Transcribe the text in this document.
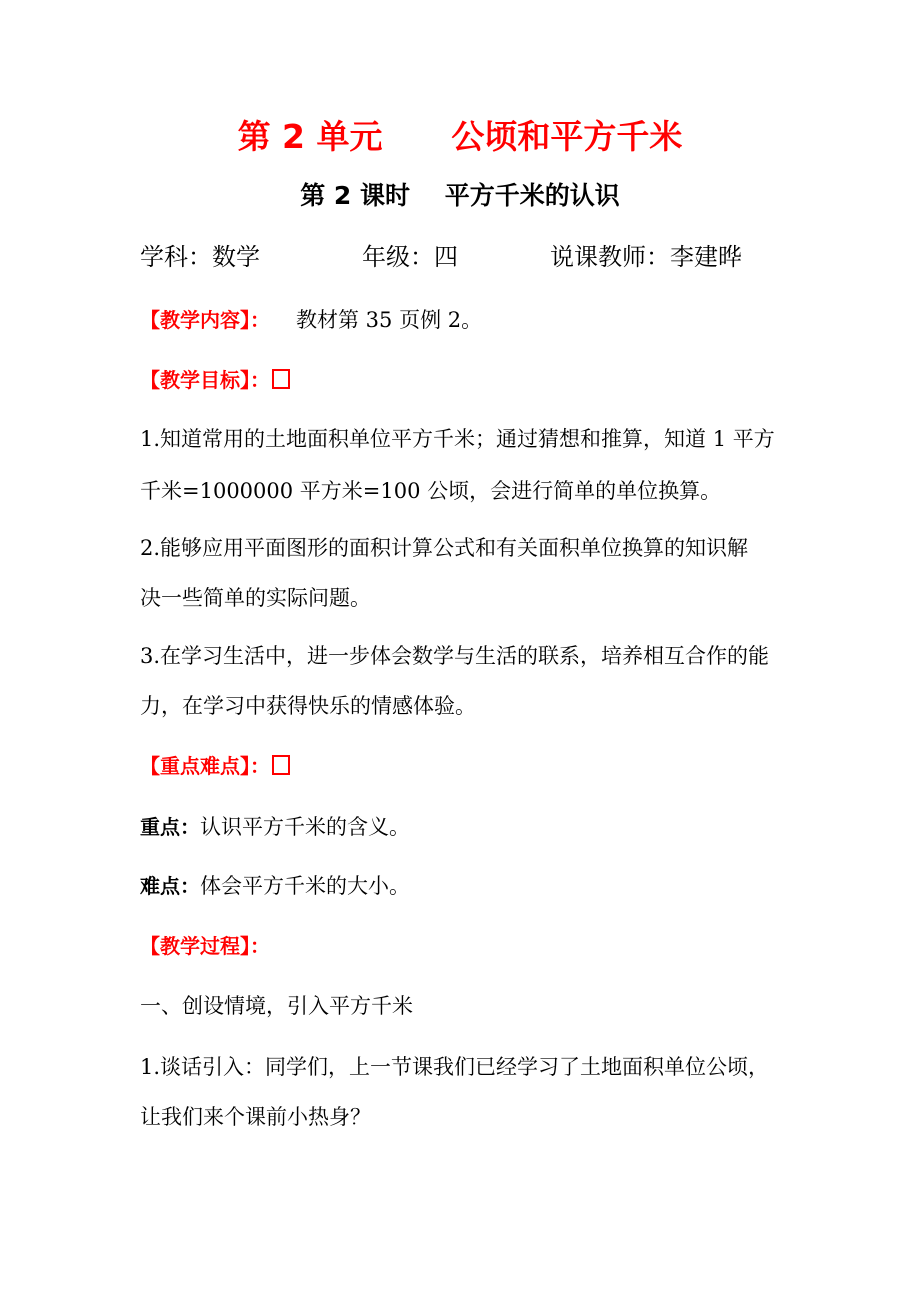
第 2 单元      公顷和平方千米
第 2 课时    平方千米的认识
学科：数学	年级：四	说课教师：李建晔
【教学内容】： 教材第 35 页例 2。
【教学目标】：
1.知道常用的土地面积单位平方千米；通过猜想和推算，知道 1 平方
千米=1000000 平方米=100 公顷，会进行简单的单位换算。
2.能够应用平面图形的面积计算公式和有关面积单位换算的知识解
决一些简单的实际问题。
3.在学习生活中，进一步体会数学与生活的联系，培养相互合作的能
力，在学习中获得快乐的情感体验。
【重点难点】：
重点：认识平方千米的含义。
难点：体会平方千米的大小。
【教学过程】：
一、创设情境，引入平方千米
1.谈话引入：同学们，上一节课我们已经学习了土地面积单位公顷，
让我们来个课前小热身？
